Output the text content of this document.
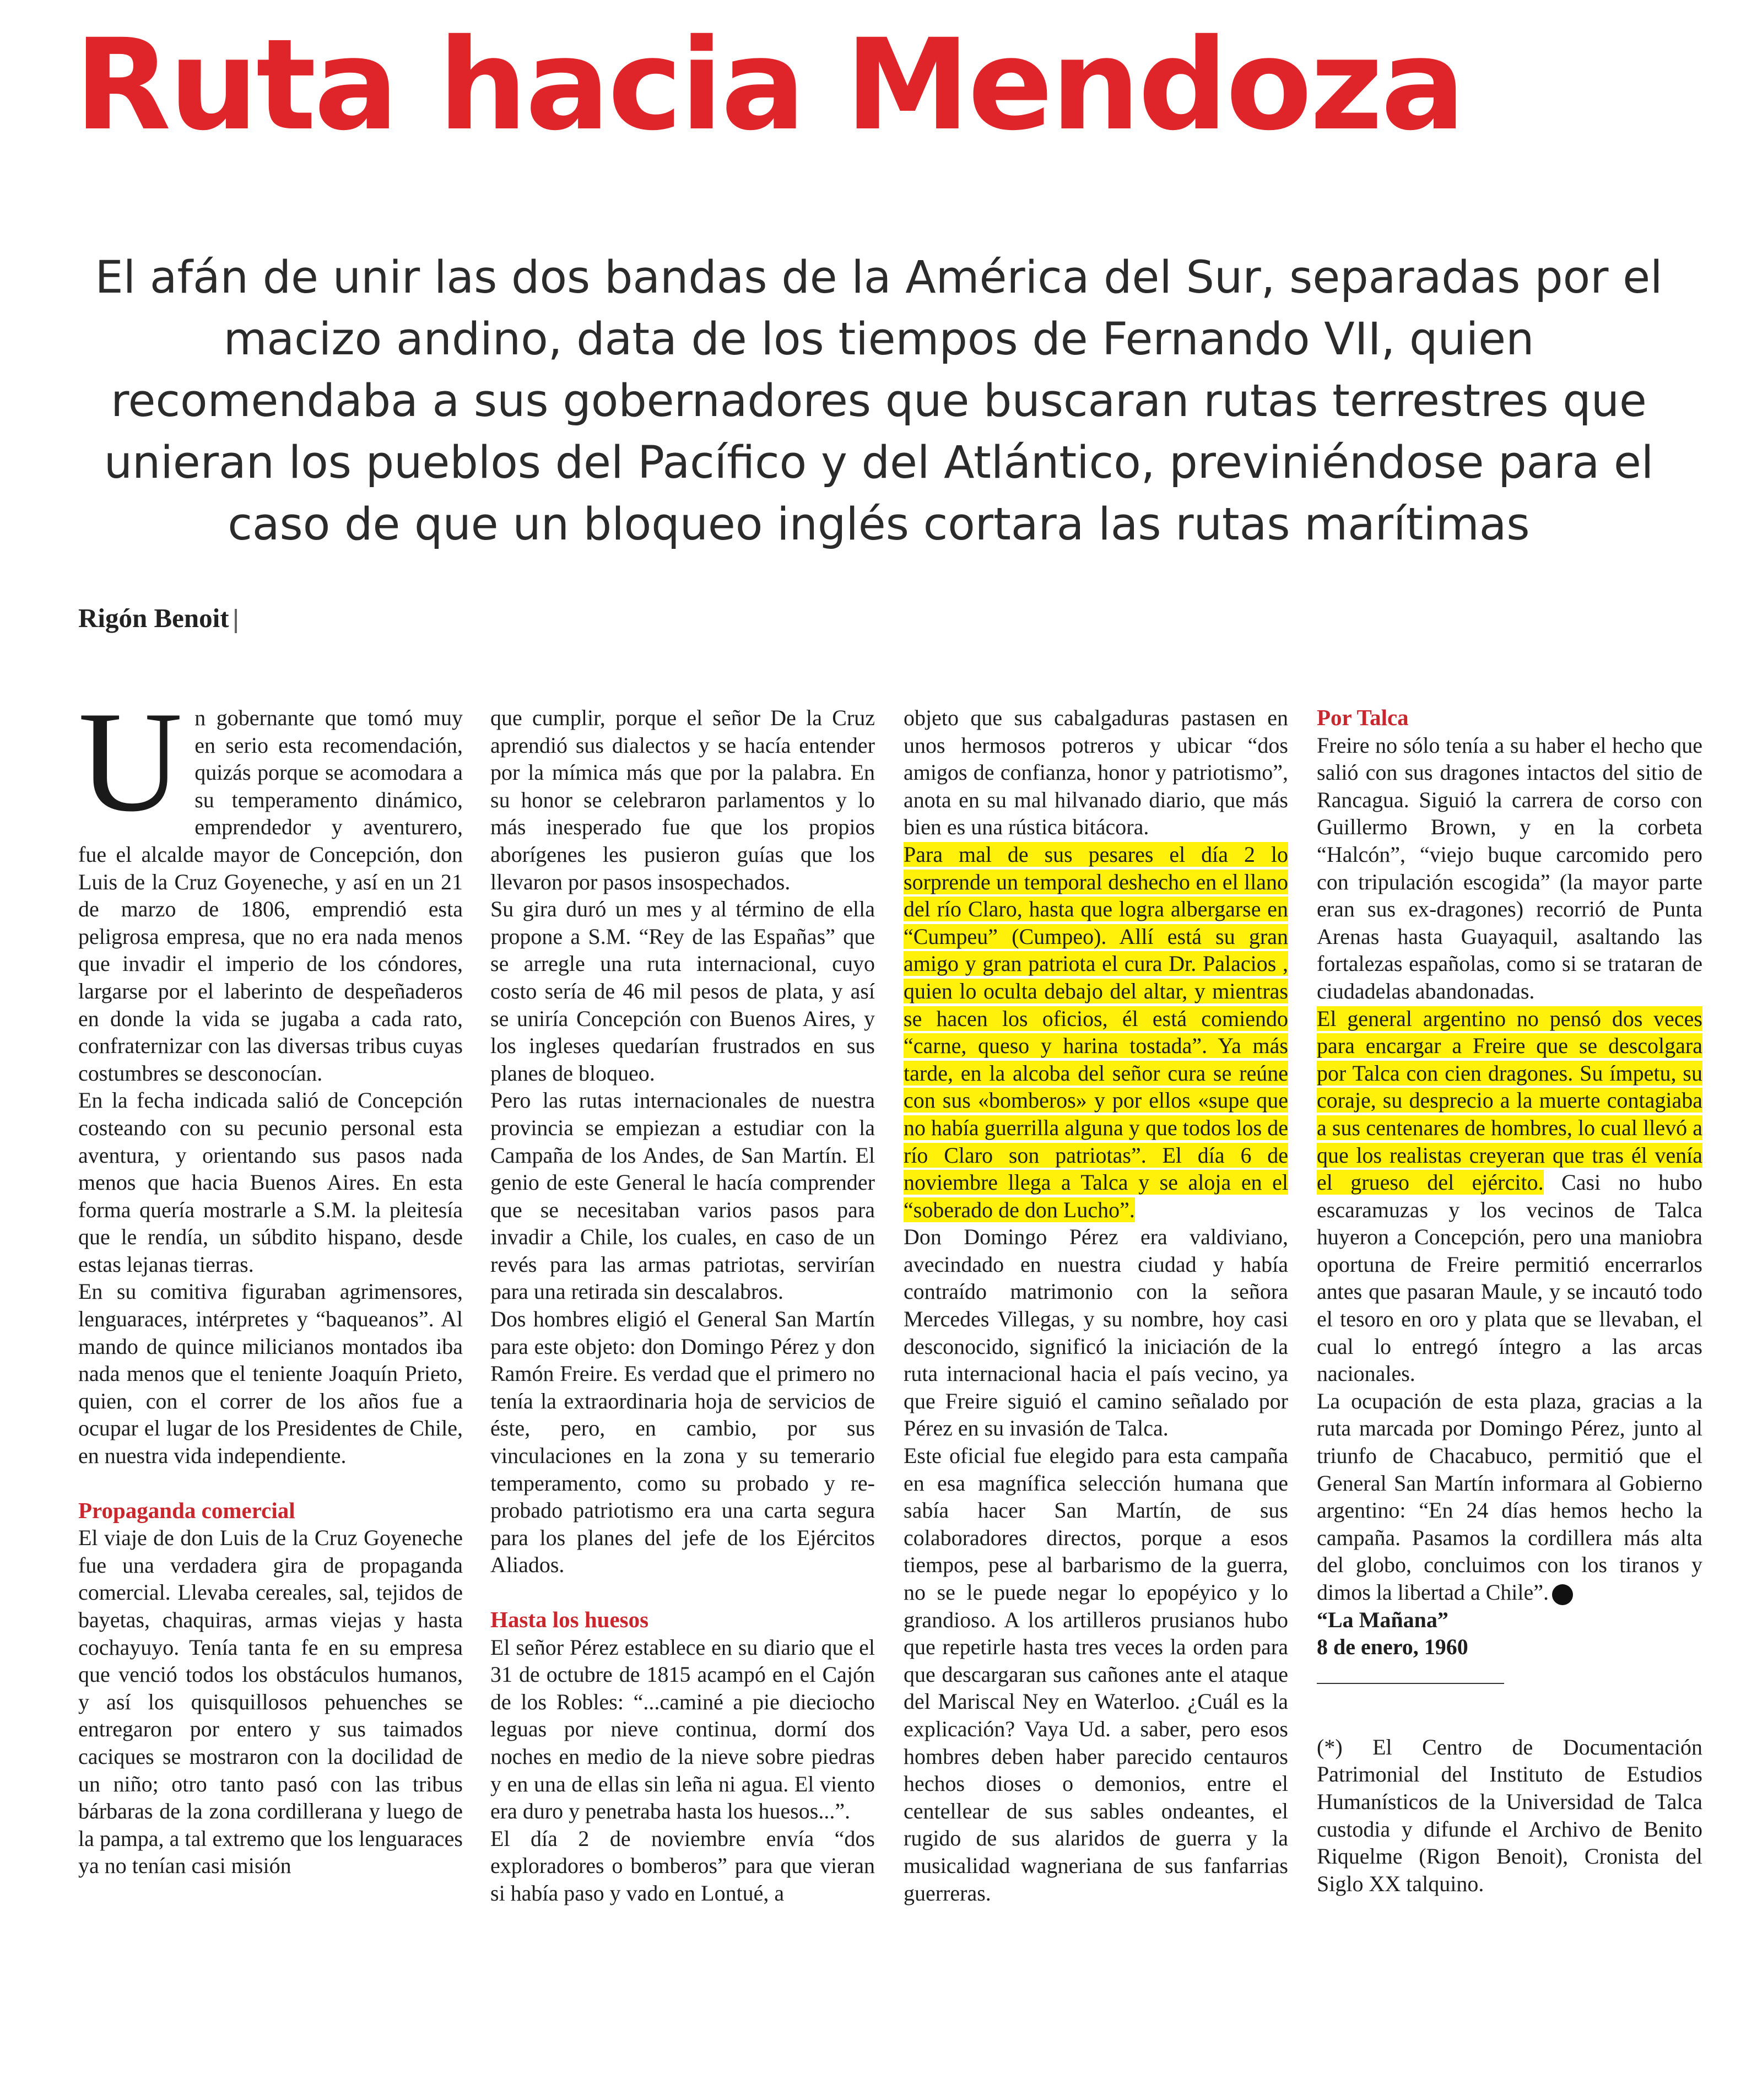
Ruta hacia Mendoza

El afán de unir las dos bandas de la América del Sur, separadas por el macizo andino, data de los tiempos de Fernando VII, quien recomendaba a sus gobernadores que buscaran rutas terrestres que unieran los pueblos del Pacífico y del Atlántico, previniéndose para el caso de que un bloqueo inglés cortara las rutas marítimas

Rigón Benoit
U n gobernante que tomó muy en serio esta recomendación, quizás porque se acomodara a su temperamento dinámico, emprendedor y aventurero, fue el alcalde mayor de Concepción, don Luis de la Cruz Goyeneche, y así en un 21 de marzo de 1806, emprendió esta peligrosa empresa, que no era nada menos que invadir el imperio de los cóndores, largarse por el laberinto de despeñaderos en donde la vida se jugaba a cada rato, confraternizar con las diversas tribus cuyas costumbres se desconocían.

En la fecha indicada salió de Concepción costeando con su pecunio personal esta aventura, y orientando sus pasos nada menos que hacia Buenos Aires. En esta forma quería mostrarle a S.M. la pleitesía que le rendía, un súbdito hispano, desde estas lejanas tierras.

En su comitiva figuraban agrimensores, lenguaraces, intérpretes y “baqueanos”. Al mando de quince milicianos montados iba nada menos que el teniente Joaquín Prieto, quien, con el correr de los años fue a ocupar el lugar de los Presidentes de Chile, en nuestra vida independiente.

Propaganda comercial

El viaje de don Luis de la Cruz Goyeneche fue una verdadera gira de propaganda comercial. Llevaba cereales, sal, tejidos de bayetas, chaquiras, armas viejas y hasta cochayuyo. Tenía tanta fe en su empresa que venció todos los obstáculos humanos, y así los quisquillosos pehuenches se entregaron por entero y sus taimados caciques se mostraron con la docilidad de un niño; otro tanto pasó con las tribus bárbaras de la zona cordillerana y luego de la pampa, a tal extremo que los lenguaraces ya no tenían casi misión

que cumplir, porque el señor De la Cruz aprendió sus dialectos y se hacía entender por la mímica más que por la palabra. En su honor se celebraron parlamentos y lo más inesperado fue que los propios aborígenes les pusieron guías que los llevaron por pasos insospechados.

Su gira duró un mes y al término de ella propone a S.M. “Rey de las Españas” que se arregle una ruta internacional, cuyo costo sería de 46 mil pesos de plata, y así se uniría Concepción con Buenos Aires, y los ingleses quedarían frustrados en sus planes de bloqueo.

Pero las rutas internacionales de nuestra provincia se empiezan a estudiar con la Campaña de los Andes, de San Martín. El genio de este General le hacía comprender que se necesitaban varios pasos para invadir a Chile, los cuales, en caso de un revés para las armas patriotas, servirían para una retirada sin descalabros.

Dos hombres eligió el General San Martín para este objeto: don Domingo Pérez y don Ramón Freire. Es verdad que el primero no tenía la extraordinaria hoja de servicios de éste, pero, en cambio, por sus vinculaciones en la zona y su temerario temperamento, como su probado y re-probado patriotismo era una carta segura para los planes del jefe de los Ejércitos Aliados.

Hasta los huesos

El señor Pérez establece en su diario que el 31 de octubre de 1815 acampó en el Cajón de los Robles: “...caminé a pie dieciocho leguas por nieve continua, dormí dos noches en medio de la nieve sobre piedras y en una de ellas sin leña ni agua. El viento era duro y penetraba hasta los huesos...”.

El día 2 de noviembre envía “dos exploradores o bomberos” para que vieran si había paso y vado en Lontué, a

objeto que sus cabalgaduras pastasen en unos hermosos potreros y ubicar “dos amigos de confianza, honor y patriotismo”, anota en su mal hilvanado diario, que más bien es una rústica bitácora.

Para mal de sus pesares el día 2 lo sorprende un temporal deshecho en el llano del río Claro, hasta que logra albergarse en “Cumpeu” (Cumpeo). Allí está su gran amigo y gran patriota el cura Dr. Palacios , quien lo oculta debajo del altar, y mientras se hacen los oficios, él está comiendo “carne, queso y harina tostada”. Ya más tarde, en la alcoba del señor cura se reúne con sus «bomberos» y por ellos «supe que no había guerrilla alguna y que todos los de río Claro son patriotas”. El día 6 de noviembre llega a Talca y se aloja en el “soberado de don Lucho”.

Don Domingo Pérez era valdiviano, avecindado en nuestra ciudad y había contraído matrimonio con la señora Mercedes Villegas, y su nombre, hoy casi desconocido, significó la iniciación de la ruta internacional hacia el país vecino, ya que Freire siguió el camino señalado por Pérez en su invasión de Talca.

Este oficial fue elegido para esta campaña en esa magnífica selección humana que sabía hacer San Martín, de sus colaboradores directos, porque a esos tiempos, pese al barbarismo de la guerra, no se le puede negar lo epopéyico y lo grandioso. A los artilleros prusianos hubo que repetirle hasta tres veces la orden para que descargaran sus cañones ante el ataque del Mariscal Ney en Waterloo. ¿Cuál es la explicación? Vaya Ud. a saber, pero esos hombres deben haber parecido centauros hechos dioses o demonios, entre el centellear de sus sables ondeantes, el rugido de sus alaridos de guerra y la musicalidad wagneriana de sus fanfarrias guerreras.

Por Talca

Freire no sólo tenía a su haber el hecho que salió con sus dragones intactos del sitio de Rancagua. Siguió la carrera de corso con Guillermo Brown, y en la corbeta “Halcón”, “viejo buque carcomido pero con tripulación escogida” (la mayor parte eran sus ex-dragones) recorrió de Punta Arenas hasta Guayaquil, asaltando las fortalezas españolas, como si se trataran de ciudadelas abandonadas.

El general argentino no pensó dos veces para encargar a Freire que se descolgara por Talca con cien dragones. Su ímpetu, su coraje, su desprecio a la muerte contagiaba a sus centenares de hombres, lo cual llevó a que los realistas creyeran que tras él venía el grueso del ejército. Casi no hubo escaramuzas y los vecinos de Talca huyeron a Concepción, pero una maniobra oportuna de Freire permitió encerrarlos antes que pasaran Maule, y se incautó todo el tesoro en oro y plata que se llevaban, el cual lo entregó íntegro a las arcas nacionales.

La ocupación de esta plaza, gracias a la ruta marcada por Domingo Pérez, junto al triunfo de Chacabuco, permitió que el General San Martín informara al Gobierno argentino: “En 24 días hemos hecho la campaña. Pasamos la cordillera más alta del globo, concluimos con los tiranos y dimos la libertad a Chile”.

“La Mañana”

8 de enero, 1960

(*) El Centro de Documentación Patrimonial del Instituto de Estudios Humanísticos de la Universidad de Talca custodia y difunde el Archivo de Benito Riquelme (Rigon Benoit), Cronista del Siglo XX talquino.
